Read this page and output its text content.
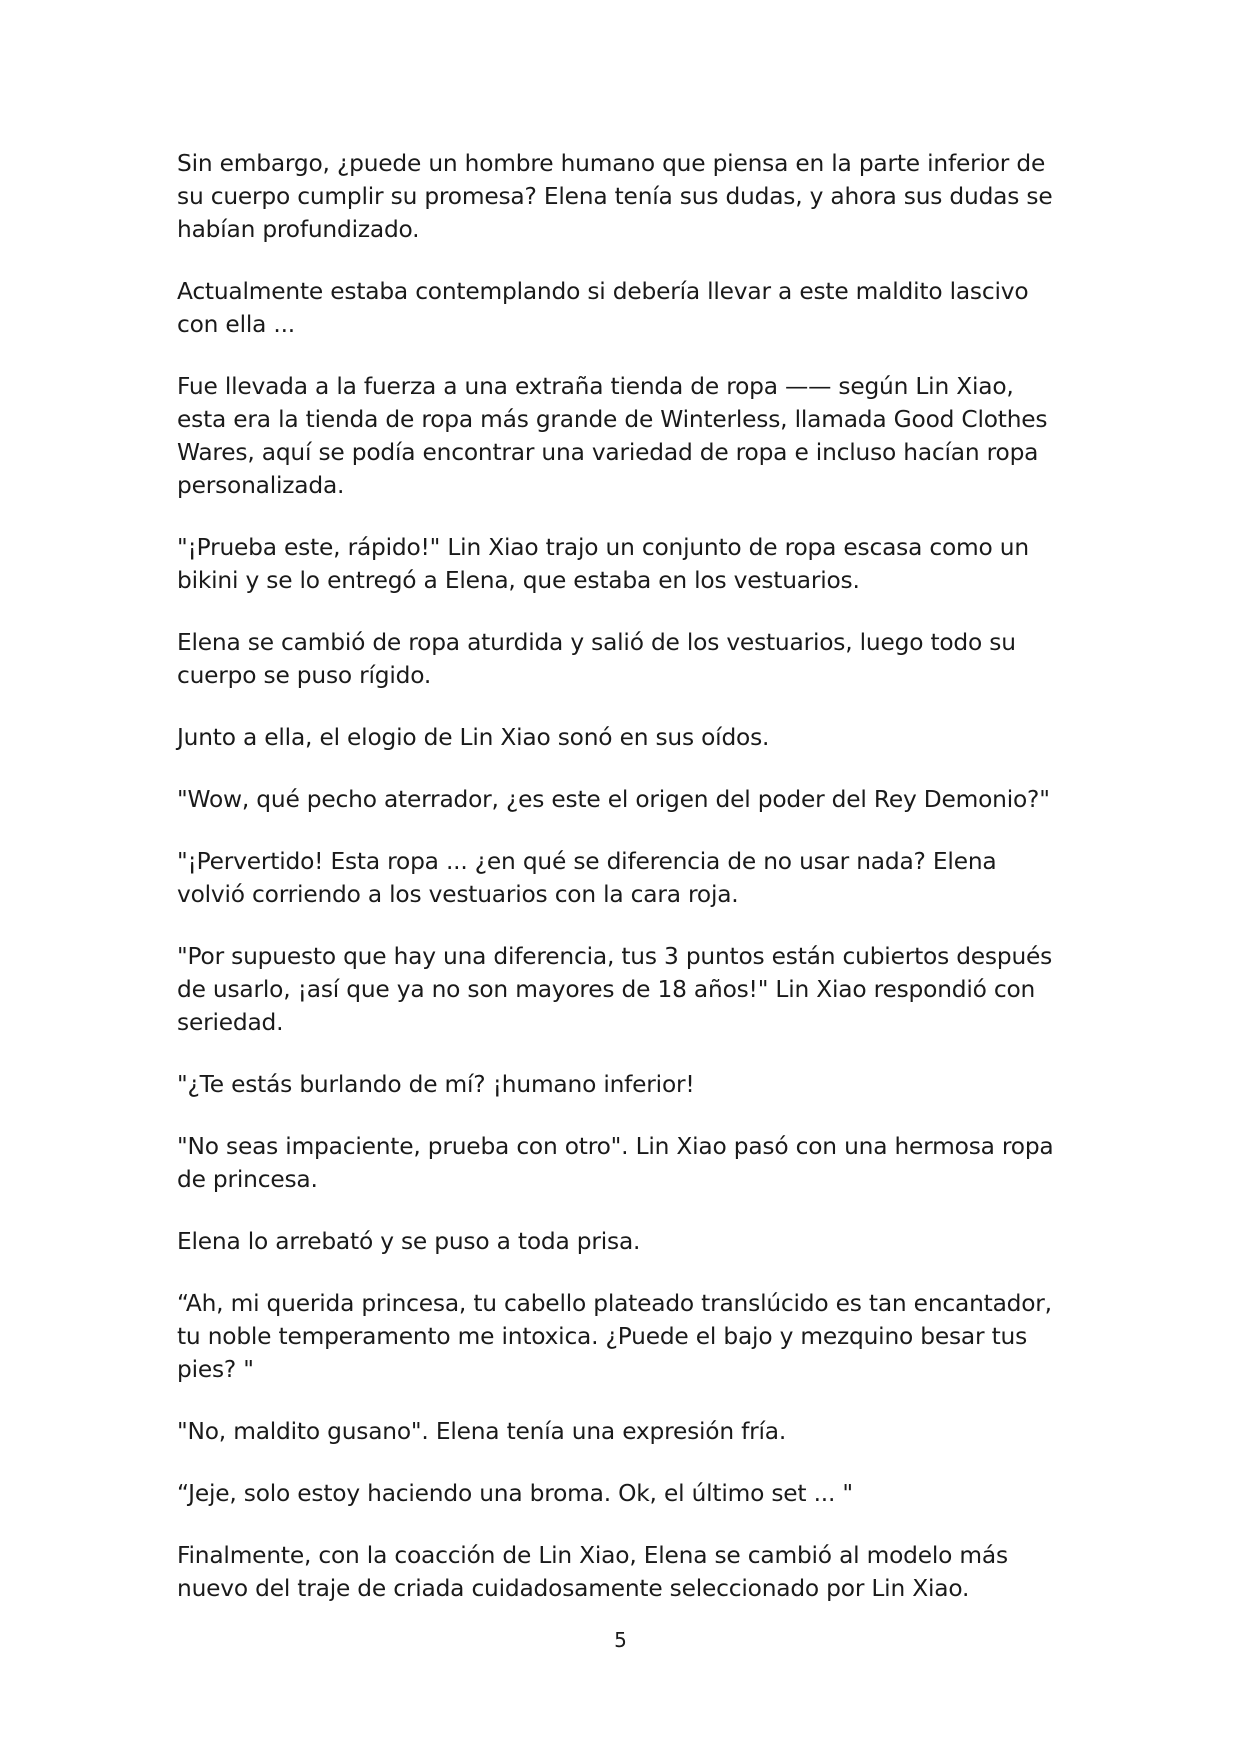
Sin embargo, ¿puede un hombre humano que piensa en la parte inferior de su cuerpo cumplir su promesa? Elena tenía sus dudas, y ahora sus dudas se habían profundizado.

Actualmente estaba contemplando si debería llevar a este maldito lascivo con ella ...

Fue llevada a la fuerza a una extraña tienda de ropa —— según Lin Xiao, esta era la tienda de ropa más grande de Winterless, llamada Good Clothes Wares, aquí se podía encontrar una variedad de ropa e incluso hacían ropa personalizada.

"¡Prueba este, rápido!" Lin Xiao trajo un conjunto de ropa escasa como un bikini y se lo entregó a Elena, que estaba en los vestuarios.

Elena se cambió de ropa aturdida y salió de los vestuarios, luego todo su cuerpo se puso rígido.

Junto a ella, el elogio de Lin Xiao sonó en sus oídos.

"Wow, qué pecho aterrador, ¿es este el origen del poder del Rey Demonio?"

"¡Pervertido! Esta ropa ... ¿en qué se diferencia de no usar nada? Elena volvió corriendo a los vestuarios con la cara roja.

"Por supuesto que hay una diferencia, tus 3 puntos están cubiertos después de usarlo, ¡así que ya no son mayores de 18 años!" Lin Xiao respondió con seriedad.

"¿Te estás burlando de mí? ¡humano inferior!

"No seas impaciente, prueba con otro". Lin Xiao pasó con una hermosa ropa de princesa.

Elena lo arrebató y se puso a toda prisa.

“Ah, mi querida princesa, tu cabello plateado translúcido es tan encantador, tu noble temperamento me intoxica. ¿Puede el bajo y mezquino besar tus pies? "

"No, maldito gusano". Elena tenía una expresión fría.

“Jeje, solo estoy haciendo una broma. Ok, el último set ... "

Finalmente, con la coacción de Lin Xiao, Elena se cambió al modelo más nuevo del traje de criada cuidadosamente seleccionado por Lin Xiao.

5
